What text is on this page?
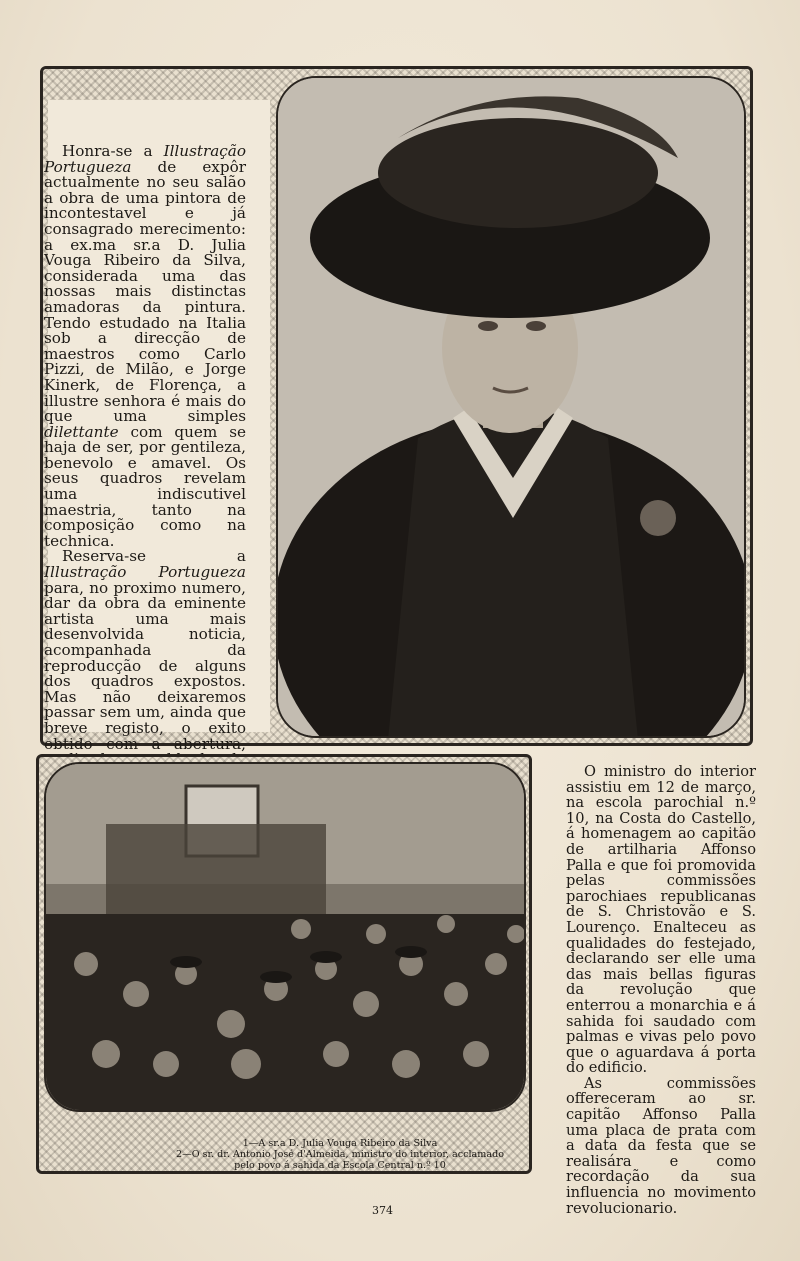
Honra-se a Illustração Portugueza de expôr actualmente no seu salão a obra de uma pintora de incontestavel e já consagrado merecimento: a ex.ma sr.a D. Julia Vouga Ribeiro da Silva, considerada uma das nossas mais distinctas amadoras da pintura. Tendo estudado na Italia sob a direcção de maestros como Carlo Pizzi, de Milão, e Jorge Kinerk, de Florença, a illustre senhora é mais do que uma simples dilettante com quem se haja de ser, por gentileza, benevolo e amavel. Os seus quadros revelam uma indiscutivel maestria, tanto na composição como na technica.

Reserva-se a Illustração Portugueza para, no proximo numero, dar da obra da eminente artista uma mais desenvolvida noticia, acompanhada da reproducção de alguns dos quadros expostos. Mas não deixaremos passar sem um, ainda que breve registo, o exito obtido com a abertura,

1—A sr.a D. Julia Vouga Ribeiro da Silva
2—O sr. dr. Antonio José d'Almeida, ministro do interior, acclamado
pelo povo á sahida da Escola Central n.º 10

O ministro do interior assistiu em 12 de março, na escola parochial n.º 10, na Costa do Castello, á homenagem ao capitão de artilharia Affonso Palla e que foi promovida pelas commissões parochiaes republicanas de S. Christovão e S. Lourenço. Enalteceu as qualidades do festejado, declarando ser elle uma das mais bellas figuras da revolução que enterrou a monarchia e á sahida foi saudado com palmas e vivas pelo povo que o aguardava á porta do edificio.

As commissões offereceram ao sr. capitão Affonso Palla uma placa de prata com a data da festa que se realisára e como recordação da sua influencia no movimento revolucionario.

374
